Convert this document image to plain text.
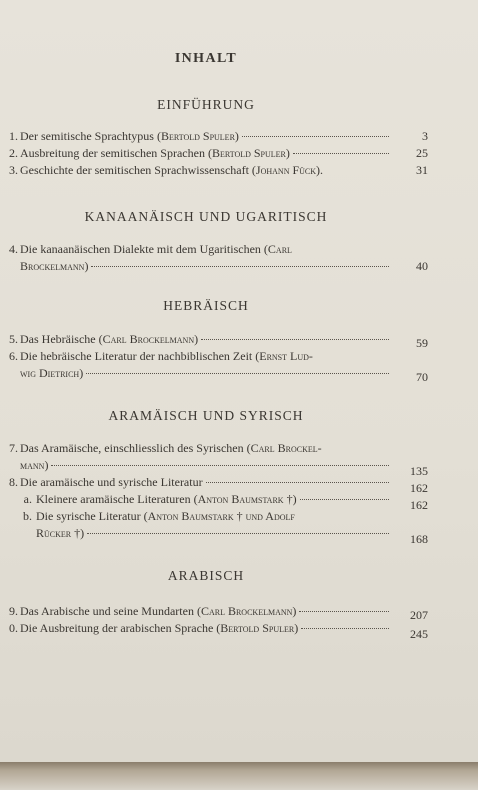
INHALT
EINFÜHRUNG
1. Der semitische Sprachtypus (Bertold Spuler)	3
2. Ausbreitung der semitischen Sprachen (Bertold Spuler)	25
3. Geschichte der semitischen Sprachwissenschaft (Johann Fück).	31
KANAANÄISCH UND UGARITISCH
4. Die kanaanäischen Dialekte mit dem Ugaritischen (Carl
Brockelmann)	40
HEBRÄISCH
5. Das Hebräische (Carl Brockelmann)	59
6. Die hebräische Literatur der nachbiblischen Zeit (Ernst Lud-
wig Dietrich)	70
ARAMÄISCH UND SYRISCH
7. Das Aramäische, einschliesslich des Syrischen (Carl Brockel-
mann)	135
8. Die aramäische und syrische Literatur	162
a. Kleinere aramäische Literaturen (Anton Baumstark †)	162
b. Die syrische Literatur (Anton Baumstark † und Adolf
Rücker †)	168
ARABISCH
9. Das Arabische und seine Mundarten (Carl Brockelmann)	207
0. Die Ausbreitung der arabischen Sprache (Bertold Spuler)	245
